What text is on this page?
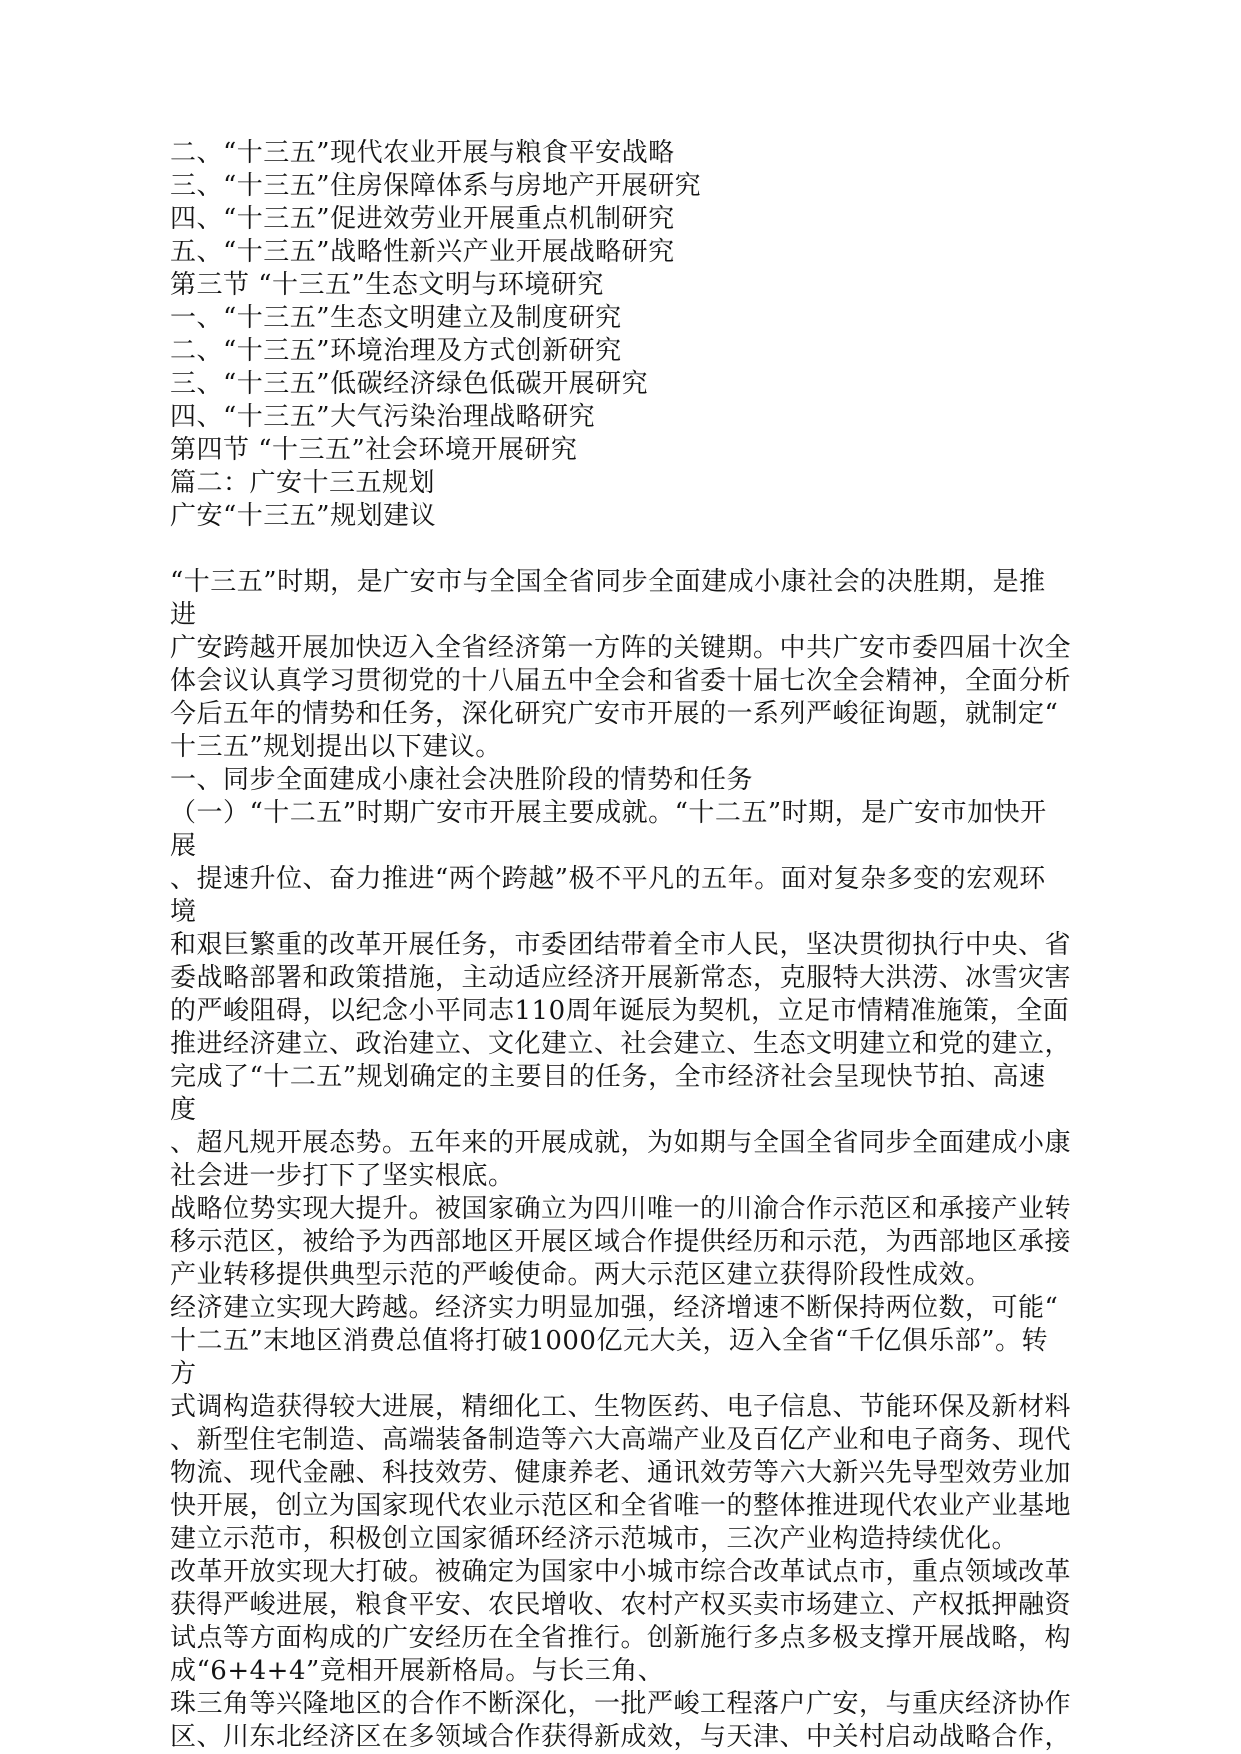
二、“十三五”现代农业开展与粮食平安战略
三、“十三五”住房保障体系与房地产开展研究
四、“十三五”促进效劳业开展重点机制研究
五、“十三五”战略性新兴产业开展战略研究
第三节 “十三五”生态文明与环境研究
一、“十三五”生态文明建立及制度研究
二、“十三五”环境治理及方式创新研究
三、“十三五”低碳经济绿色低碳开展研究
四、“十三五”大气污染治理战略研究
第四节 “十三五”社会环境开展研究
篇二：广安十三五规划
广安“十三五”规划建议
“十三五”时期，是广安市与全国全省同步全面建成小康社会的决胜期，是推进
广安跨越开展加快迈入全省经济第一方阵的关键期。中共广安市委四届十次全
体会议认真学习贯彻党的十八届五中全会和省委十届七次全会精神，全面分析
今后五年的情势和任务，深化研究广安市开展的一系列严峻征询题，就制定“
十三五”规划提出以下建议。
一、同步全面建成小康社会决胜阶段的情势和任务
（一）“十二五”时期广安市开展主要成就。“十二五”时期，是广安市加快开展
、提速升位、奋力推进“两个跨越”极不平凡的五年。面对复杂多变的宏观环境
和艰巨繁重的改革开展任务，市委团结带着全市人民，坚决贯彻执行中央、省
委战略部署和政策措施，主动适应经济开展新常态，克服特大洪涝、冰雪灾害
的严峻阻碍，以纪念小平同志110周年诞辰为契机，立足市情精准施策，全面
推进经济建立、政治建立、文化建立、社会建立、生态文明建立和党的建立，
完成了“十二五”规划确定的主要目的任务，全市经济社会呈现快节拍、高速度
、超凡规开展态势。五年来的开展成就，为如期与全国全省同步全面建成小康
社会进一步打下了坚实根底。
战略位势实现大提升。被国家确立为四川唯一的川渝合作示范区和承接产业转
移示范区，被给予为西部地区开展区域合作提供经历和示范，为西部地区承接
产业转移提供典型示范的严峻使命。两大示范区建立获得阶段性成效。
经济建立实现大跨越。经济实力明显加强，经济增速不断保持两位数，可能“
十二五”末地区消费总值将打破1000亿元大关，迈入全省“千亿俱乐部”。转方
式调构造获得较大进展，精细化工、生物医药、电子信息、节能环保及新材料
、新型住宅制造、高端装备制造等六大高端产业及百亿产业和电子商务、现代
物流、现代金融、科技效劳、健康养老、通讯效劳等六大新兴先导型效劳业加
快开展，创立为国家现代农业示范区和全省唯一的整体推进现代农业产业基地
建立示范市，积极创立国家循环经济示范城市，三次产业构造持续优化。
改革开放实现大打破。被确定为国家中小城市综合改革试点市，重点领域改革
获得严峻进展，粮食平安、农民增收、农村产权买卖市场建立、产权抵押融资
试点等方面构成的广安经历在全省推行。创新施行多点多极支撑开展战略，构
成“6+4+4”竞相开展新格局。与长三角、
珠三角等兴隆地区的合作不断深化，一批严峻工程落户广安，与重庆经济协作
区、川东北经济区在多领域合作获得新成效，与天津、中关村启动战略合作，
